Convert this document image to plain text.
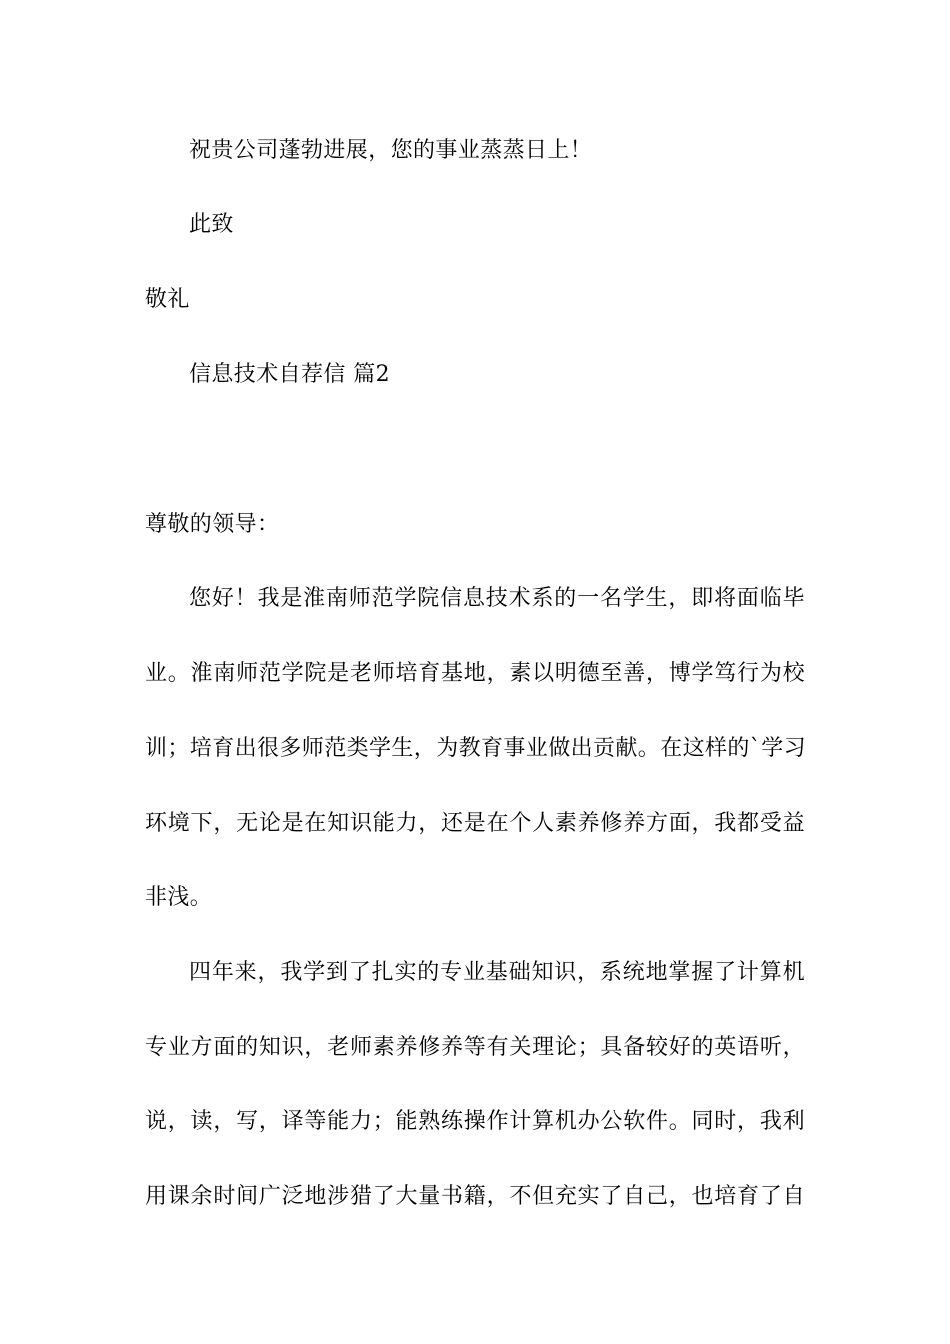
祝贵公司蓬勃进展，您的事业蒸蒸日上！
此致
敬礼
信息技术自荐信 篇2
尊敬的领导：
您好！我是淮南师范学院信息技术系的一名学生，即将面临毕
业。淮南师范学院是老师培育基地，素以明德至善，博学笃行为校
训；培育出很多师范类学生，为教育事业做出贡献。在这样的`学习
环境下，无论是在知识能力，还是在个人素养修养方面，我都受益
非浅。
四年来，我学到了扎实的专业基础知识，系统地掌握了计算机
专业方面的知识，老师素养修养等有关理论；具备较好的英语听，
说，读，写，译等能力；能熟练操作计算机办公软件。同时，我利
用课余时间广泛地涉猎了大量书籍，不但充实了自己，也培育了自
